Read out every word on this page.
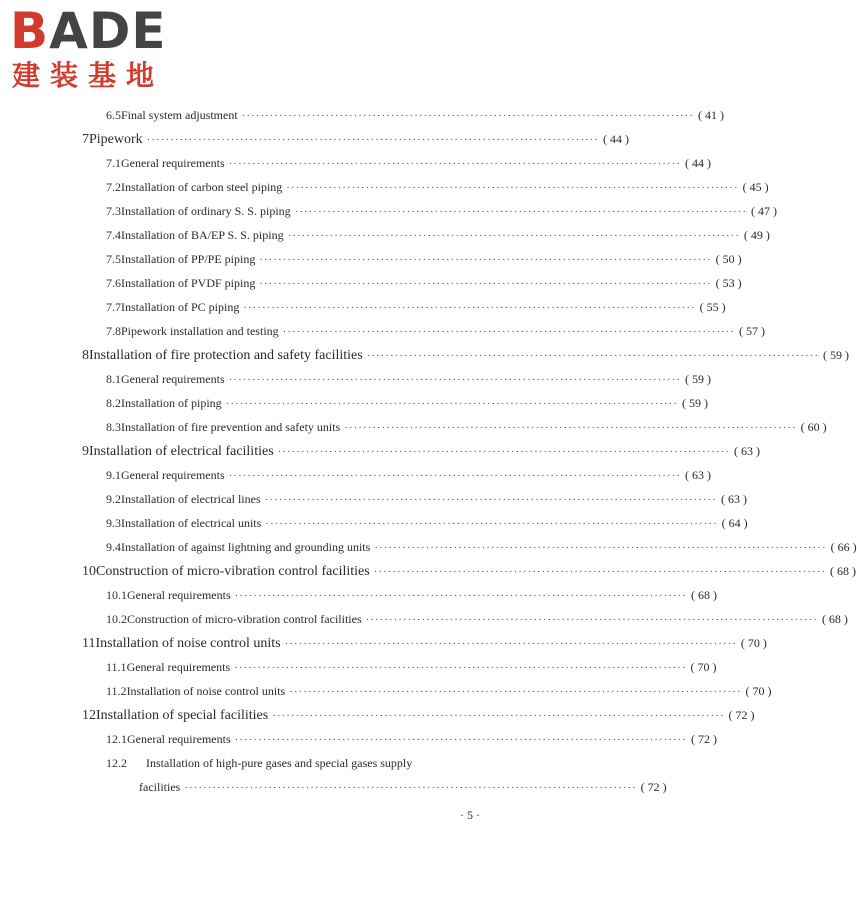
BADE
建装基地
6.5 Final system adjustment ································································································· ( 41 )
7 Pipework ································································································· ( 44 )
7.1 General requirements ································································································· ( 44 )
7.2 Installation of carbon steel piping ································································································· ( 45 )
7.3 Installation of ordinary S. S. piping ································································································· ( 47 )
7.4 Installation of BA/EP S. S. piping ································································································· ( 49 )
7.5 Installation of PP/PE piping ································································································· ( 50 )
7.6 Installation of PVDF piping ································································································· ( 53 )
7.7 Installation of PC piping ································································································· ( 55 )
7.8 Pipework installation and testing ································································································· ( 57 )
8 Installation of fire protection and safety facilities ································································································· ( 59 )
8.1 General requirements ································································································· ( 59 )
8.2 Installation of piping ································································································· ( 59 )
8.3 Installation of fire prevention and safety units ································································································· ( 60 )
9 Installation of electrical facilities ································································································· ( 63 )
9.1 General requirements ································································································· ( 63 )
9.2 Installation of electrical lines ································································································· ( 63 )
9.3 Installation of electrical units ································································································· ( 64 )
9.4 Installation of against lightning and grounding units ································································································· ( 66 )
10 Construction of micro-vibration control facilities ································································································· ( 68 )
10.1 General requirements ································································································· ( 68 )
10.2 Construction of micro-vibration control facilities ································································································· ( 68 )
11 Installation of noise control units ································································································· ( 70 )
11.1 General requirements ································································································· ( 70 )
11.2 Installation of noise control units ································································································· ( 70 )
12 Installation of special facilities ································································································· ( 72 )
12.1 General requirements ································································································· ( 72 )
12.2	Installation of high-pure gases and special gases supply
facilities ································································································· ( 72 )
· 5 ·
